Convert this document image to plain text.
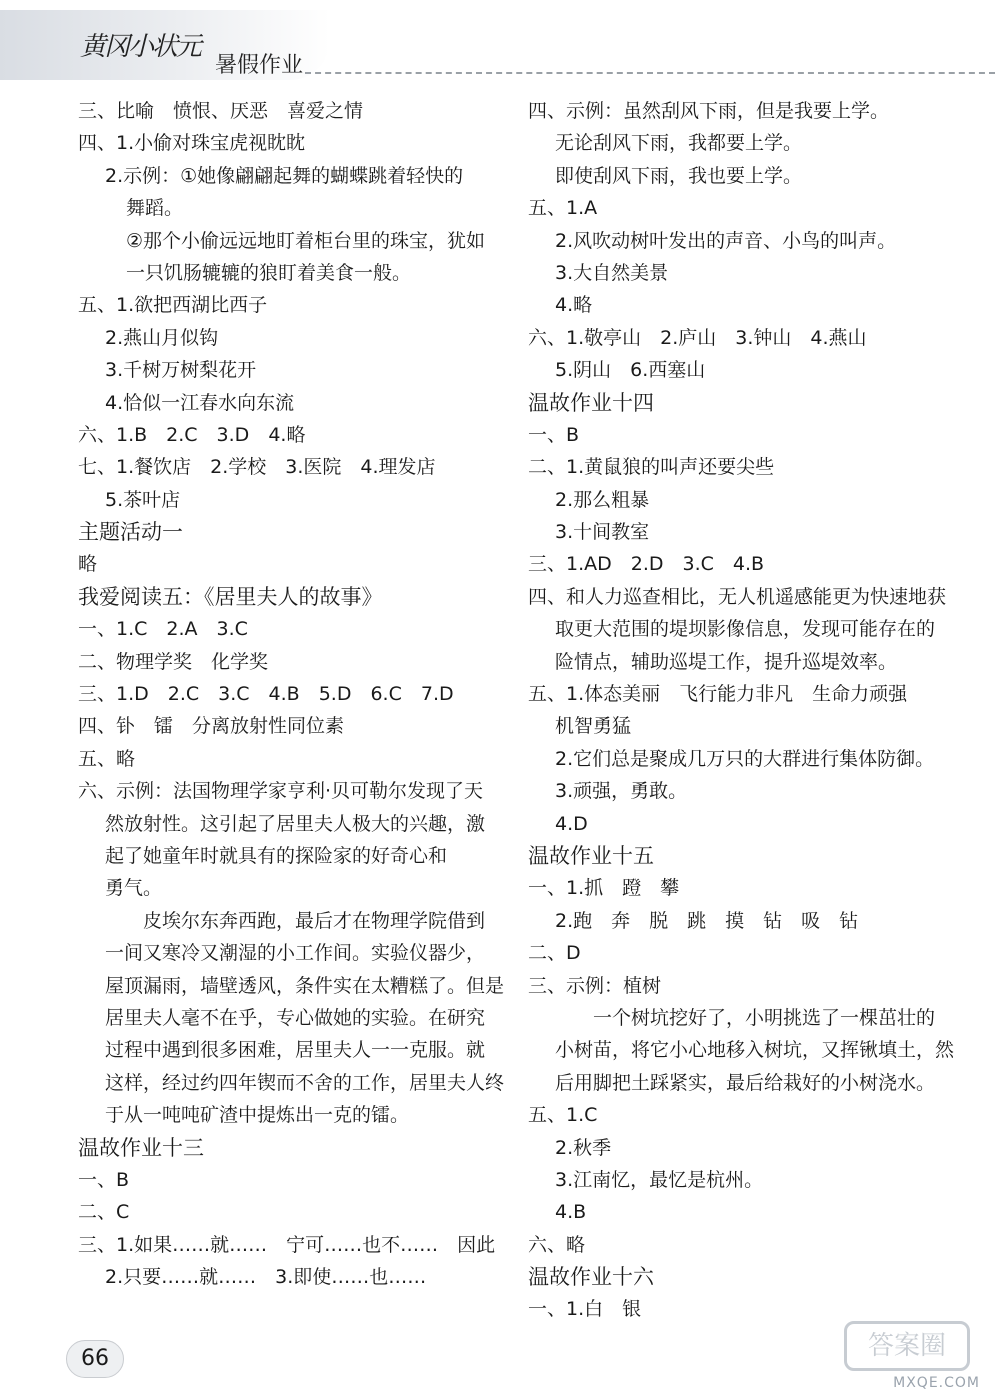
黄冈小状元
暑假作业
三、比喻　愤恨、厌恶　喜爱之情
四、1.小偷对珠宝虎视眈眈
2.示例：①她像翩翩起舞的蝴蝶跳着轻快的
舞蹈。
②那个小偷远远地盯着柜台里的珠宝，犹如
一只饥肠辘辘的狼盯着美食一般。
五、1.欲把西湖比西子
2.燕山月似钩
3.千树万树梨花开
4.恰似一江春水向东流
六、1.B　2.C　3.D　4.略
七、1.餐饮店　2.学校　3.医院　4.理发店
5.茶叶店
主题活动一
略
我爱阅读五：《居里夫人的故事》
一、1.C　2.A　3.C
二、物理学奖　化学奖
三、1.D　2.C　3.C　4.B　5.D　6.C　7.D
四、钋　镭　分离放射性同位素
五、略
六、示例：法国物理学家亨利·贝可勒尔发现了天
然放射性。这引起了居里夫人极大的兴趣，激
起了她童年时就具有的探险家的好奇心和
勇气。
　　皮埃尔东奔西跑，最后才在物理学院借到
一间又寒冷又潮湿的小工作间。实验仪器少，
屋顶漏雨，墙壁透风，条件实在太糟糕了。但是
居里夫人毫不在乎，专心做她的实验。在研究
过程中遇到很多困难，居里夫人一一克服。就
这样，经过约四年锲而不舍的工作，居里夫人终
于从一吨吨矿渣中提炼出一克的镭。
温故作业十三
一、B
二、C
三、1.如果……就……　宁可……也不……　因此
2.只要……就……　3.即使……也……
四、示例：虽然刮风下雨，但是我要上学。
无论刮风下雨，我都要上学。
即使刮风下雨，我也要上学。
五、1.A
2.风吹动树叶发出的声音、小鸟的叫声。
3.大自然美景
4.略
六、1.敬亭山　2.庐山　3.钟山　4.燕山
5.阴山　6.西塞山
温故作业十四
一、B
二、1.黄鼠狼的叫声还要尖些
2.那么粗暴
3.十间教室
三、1.AD　2.D　3.C　4.B
四、和人力巡查相比，无人机遥感能更为快速地获
取更大范围的堤坝影像信息，发现可能存在的
险情点，辅助巡堤工作，提升巡堤效率。
五、1.体态美丽　飞行能力非凡　生命力顽强
机智勇猛
2.它们总是聚成几万只的大群进行集体防御。
3.顽强，勇敢。
4.D
温故作业十五
一、1.抓　蹬　攀
2.跑　奔　脱　跳　摸　钻　吸　钻
二、D
三、示例：植树
　　一个树坑挖好了，小明挑选了一棵茁壮的
小树苗，将它小心地移入树坑，又挥锹填土，然
后用脚把土踩紧实，最后给栽好的小树浇水。
五、1.C
2.秋季
3.江南忆，最忆是杭州。
4.B
六、略
温故作业十六
一、1.白　银
66	答案圈
MXQE.COM
